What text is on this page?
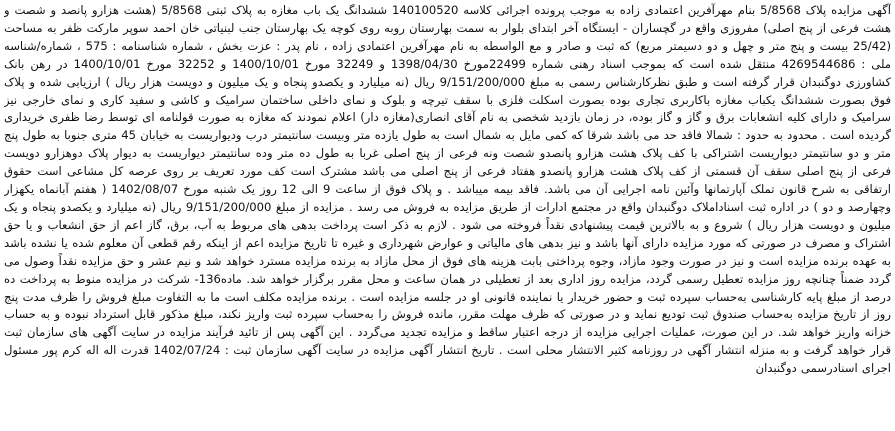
آگهی مزایده پلاک 5/8568 بنام مهرآفرین اعتمادی زاده به موجب پرونده اجرائی کلاسه 140100520 ششدانگ یک باب مغازه به پلاک ثبتی 5/8568 (هشت هزارو پانصد و شصت و هشت فرعی از پنج اصلی) مفروزی واقع در گچساران - ایستگاه آخر ابتدای بلوار به سمت بهارستان روبه روی کوچه یک بهارستان جنب لبنیاتی خان احمد سوپر مارکت ظفر به مساحت (25/42 بیست و پنج متر و چهل و دو دسیمتر مربع) که ثبت و صادر و مع الواسطه به نام مهرآفرین اعتمادی زاده ، نام پدر : عزت بخش ، شماره شناسنامه : 575 ، شماره/شناسه ملی : 4269544686 منتقل شده است که بموجب اسناد رهنی شماره 22499مورخ 1398/04/30 و 32249 مورخ 1400/10/01 و 32252 مورخ 1400/10/01 در رهن بانک کشاورزی دوگنبدان قرار گرفته است و طبق نظرکارشناس رسمی به مبلغ 9/151/200/000 ریال (نه میلیارد و یکصدو پنجاه و یک میلیون و دویست هزار ریال ) ارزیابی شده و پلاک فوق بصورت ششدانگ یکباب مغازه باکاربری تجاری بوده بصورت اسکلت فلزی با سقف تیرچه و بلوک و نمای داخلی ساختمان سرامیک و کاشی و سفید کاری و نمای خارجی نیز سرامیک و دارای کلیه انشعابات برق و گاز و گاز بوده، در زمان بازدید شخصی به نام آقای انصاری(مغازه دار) اعلام نمودند که مغازه به صورت قولنامه ای توسط رضا ظفری خریداری گردیده است . محدود به حدود : شمالا فاقد حد می باشد شرقا که کمی مایل به شمال است به طول یازده متر وبیست سانتیمتر درب ودیواریست به خیابان 45 متری جنوبا به طول پنج متر و دو سانتیمتر دیواریست اشتراکی با کف پلاک هشت هزارو پانصدو شصت ونه فرعی از پنج اصلی غربا به طول ده متر وده سانتیمتر دیواریست به دیوار پلاک دوهزارو دویست فرعی از پنج اصلی سقف آن قسمتی از کف پلاک هشت هزارو پانصدو هفتاد فرعی از پنج اصلی می باشد مشترک است کف مورد تعریف بر روی عرصه کل مشاعی است حقوق ارتفاقی به شرح قانون تملک آپارتمانها وآئین نامه اجرایی آن می باشد. فاقد بیمه میباشد . و پلاک فوق از ساعت 9 الی 12 روز یک شنبه مورخ 1402/08/07 ( هفتم آبانماه یکهزار وچهارصد و دو ) در اداره ثبت اسناداملاک دوگنبدان واقع در مجتمع ادارات از طریق مزایده به فروش می رسد . مزایده از مبلغ 9/151/200/000 ریال (نه میلیارد و یکصدو پنجاه و یک میلیون و دویست هزار ریال ) شروع و به بالاترین قیمت پیشنهادی نقداً فروخته می شود . لازم به ذکر است پرداخت بدهی های مربوط به آب، برق، گاز اعم از حق انشعاب و یا حق اشتراک و مصرف در صورتی که مورد مزایده دارای آنها باشد و نیز بدهی های مالیاتی و عوارض شهرداری و غیره تا تاریخ مزایده اعم از اینکه رقم قطعی آن معلوم شده یا نشده باشد به عهده برنده مزایده است و نیز در صورت وجود مازاد، وجوه پرداختی بابت هزینه های فوق از محل مازاد به برنده مزایده مسترد خواهد شد و نیم عشر و حق مزایده نقداً وصول می گردد ضمناً چنانچه روز مزایده تعطیل رسمی گردد، مزایده روز اداری بعد از تعطیلی در همان ساعت و محل مقرر برگزار خواهد شد. ماده136- شرکت در مزایده منوط به پرداخت ده درصد از مبلغ پایه کارشناسی به‌حساب سپرده ثبت و حضور خریدار یا نماینده قانونی او در جلسه مزایده است . برنده مزایده مکلف است ما به التفاوت مبلغ فروش را ظرف مدت پنج روز از تاریخ مزایده به‌حساب صندوق ثبت تودیع نماید و در صورتی که ظرف مهلت مقرر، مانده فروش را به‌حساب سپرده ثبت واریز نکند، مبلغ مذکور قابل استرداد نبوده و به حساب خزانه واریز خواهد شد. در این صورت، عملیات اجرایی مزایده از درجه اعتبار ساقط و مزایده تجدید می‌گردد . این آگهی پس از تائید فرآیند مزایده در سایت آگهی های سازمان ثبت قرار خواهد گرفت و به منزله انتشار آگهی در روزنامه کثیر الانتشار محلی است . تاریخ انتشار آگهی مزایده در سایت آگهی سازمان ثبت : 1402/07/24 قدرت اله اله کرم پور مسئول اجرای اسنادرسمی دوگنبدان
